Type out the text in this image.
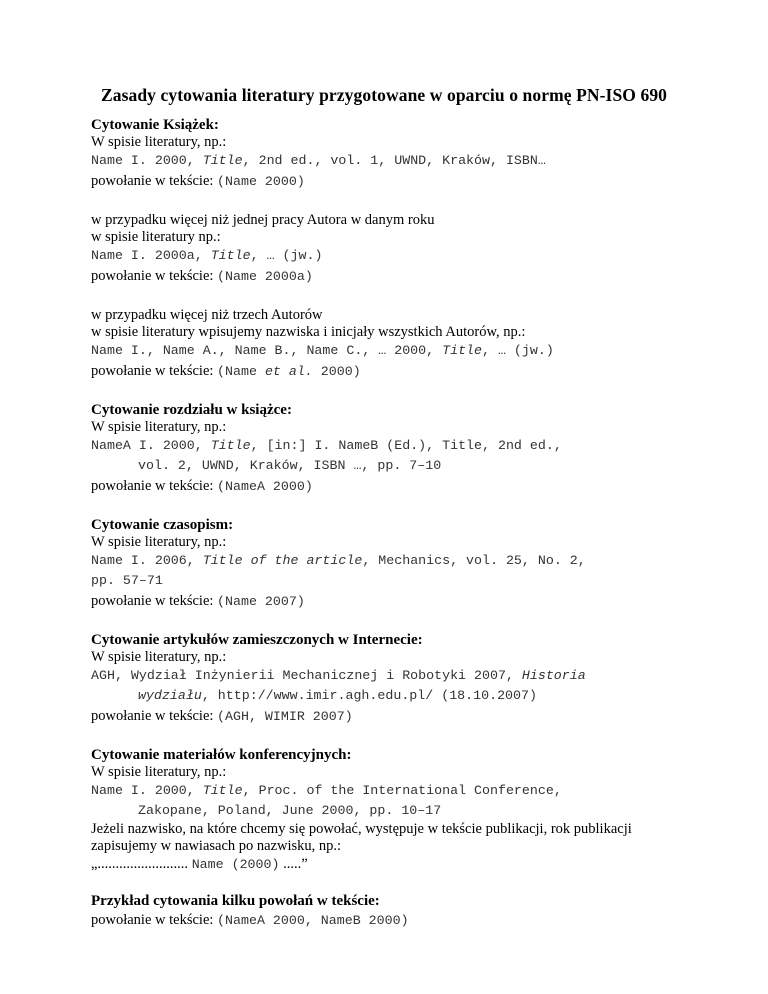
Zasady cytowania literatury przygotowane w oparciu o normę PN-ISO 690
Cytowanie Książek:
W spisie literatury, np.:
Name I. 2000, Title, 2nd ed., vol. 1, UWND, Kraków, ISBN…
powołanie w tekście: (Name 2000)
w przypadku więcej niż jednej pracy Autora w danym roku
w spisie literatury np.:
Name I. 2000a, Title, … (jw.)
powołanie w tekście: (Name 2000a)
w przypadku więcej niż trzech Autorów
w spisie literatury wpisujemy nazwiska i inicjały wszystkich Autorów, np.:
Name I., Name A., Name B., Name C., … 2000, Title, … (jw.)
powołanie w tekście: (Name et al. 2000)
Cytowanie rozdziału w książce:
W spisie literatury, np.:
NameA I. 2000, Title, [in:] I. NameB (Ed.), Title, 2nd ed.,
vol. 2, UWND, Kraków, ISBN …, pp. 7–10
powołanie w tekście: (NameA 2000)
Cytowanie czasopism:
W spisie literatury, np.:
Name I. 2006, Title of the article, Mechanics, vol. 25, No. 2,
pp. 57–71
powołanie w tekście: (Name 2007)
Cytowanie artykułów zamieszczonych w Internecie:
W spisie literatury, np.:
AGH, Wydział Inżynierii Mechanicznej i Robotyki 2007, Historia
wydziału, http://www.imir.agh.edu.pl/ (18.10.2007)
powołanie w tekście: (AGH, WIMIR 2007)
Cytowanie materiałów konferencyjnych:
W spisie literatury, np.:
Name I. 2000, Title, Proc. of the International Conference,
Zakopane, Poland, June 2000, pp. 10–17
Jeżeli nazwisko, na które chcemy się powołać, występuje w tekście publikacji, rok publikacji zapisujemy w nawiasach po nazwisku, np.:
„......................... Name (2000) .....”
Przykład cytowania kilku powołań w tekście:
powołanie w tekście: (NameA 2000, NameB 2000)
